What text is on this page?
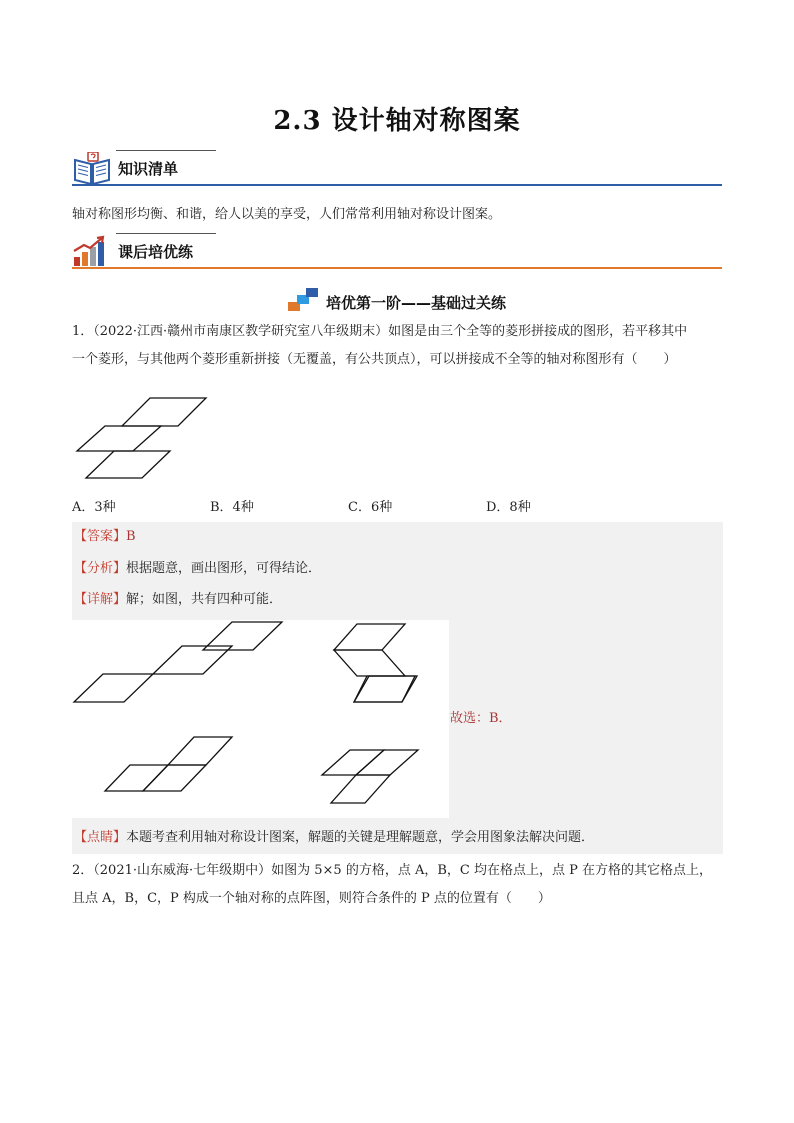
2.3 设计轴对称图案
知识清单
轴对称图形均衡、和谐，给人以美的享受，人们常常利用轴对称设计图案。
课后培优练
培优第一阶——基础过关练
1．（2022·江西·赣州市南康区教学研究室八年级期末）如图是由三个全等的菱形拼接成的图形，若平移其中
一个菱形，与其他两个菱形重新拼接（无覆盖，有公共顶点），可以拼接成不全等的轴对称图形有（　　）
A．3种	B．4种	C．6种	D．8种
【答案】B
【分析】根据题意，画出图形，可得结论．
【详解】解；如图，共有四种可能．
故选：B．
【点睛】本题考查利用轴对称设计图案，解题的关键是理解题意，学会用图象法解决问题．
2．（2021·山东威海·七年级期中）如图为 5×5 的方格，点 A，B，C 均在格点上，点 P 在方格的其它格点上，
且点 A，B，C，P 构成一个轴对称的点阵图，则符合条件的 P 点的位置有（　　）
